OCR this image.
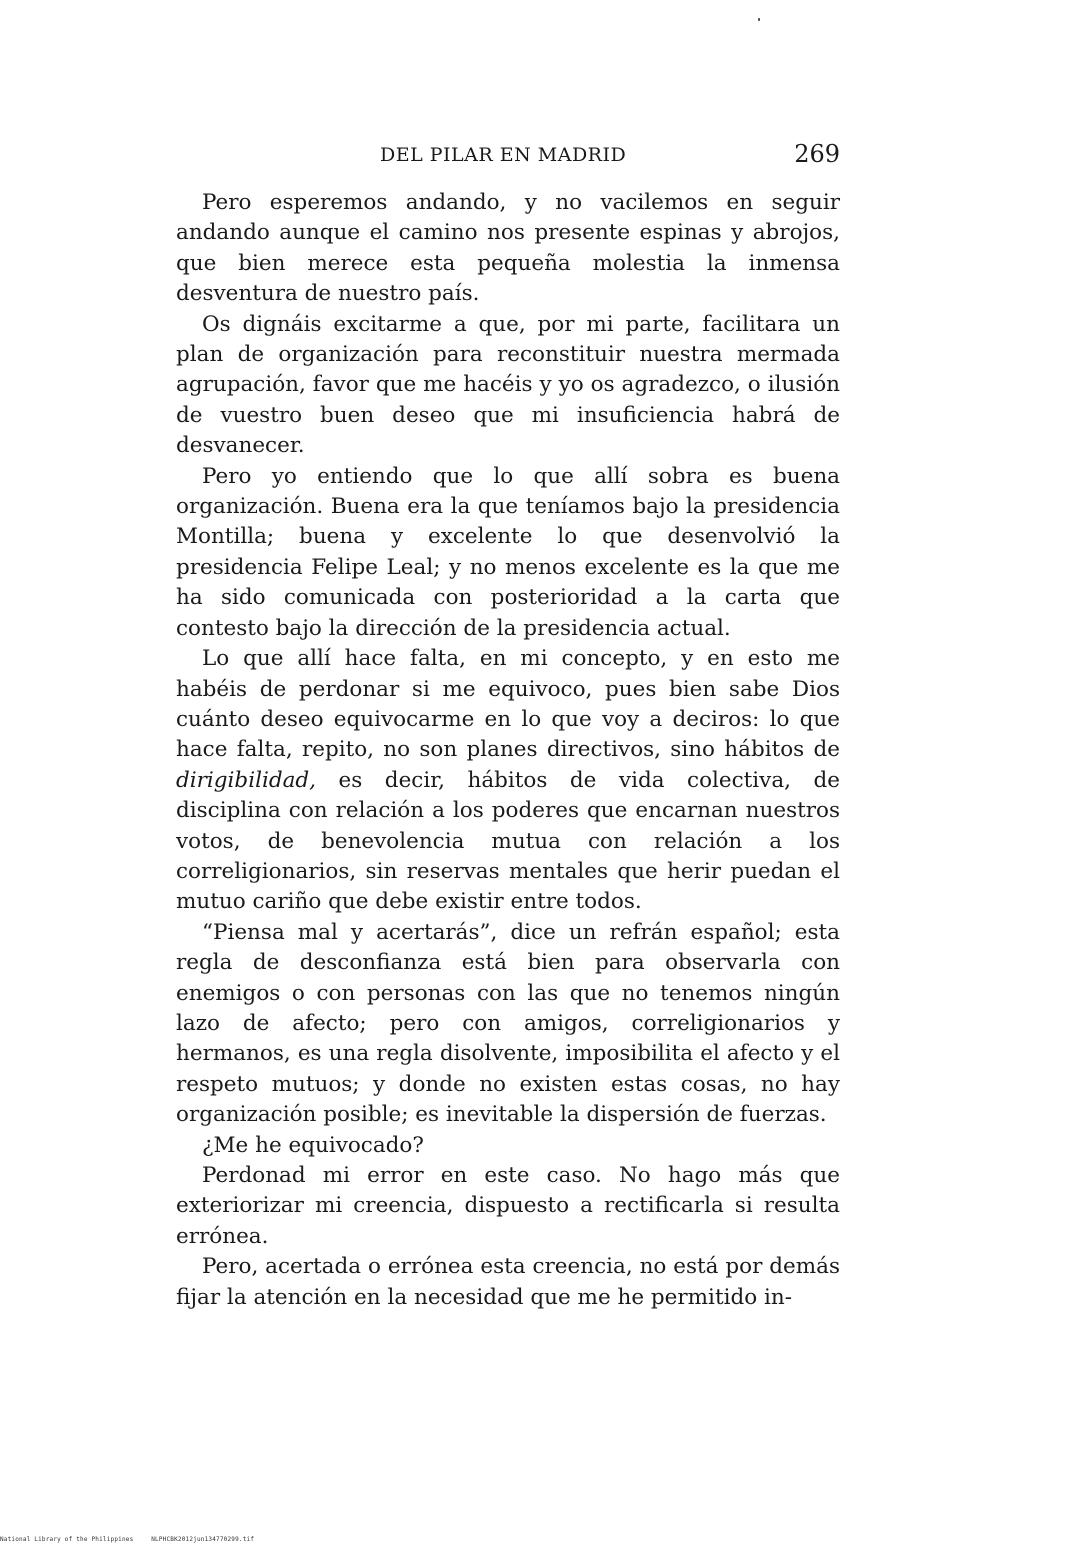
DEL PILAR EN MADRID	269

Pero esperemos andando, y no vacilemos en seguir andando aunque el camino nos presente espinas y abrojos, que bien merece esta pequeña molestia la inmensa desventura de nuestro país.

Os dignáis excitarme a que, por mi parte, facilitara un plan de organización para reconstituir nuestra mermada agrupación, favor que me hacéis y yo os agradezco, o ilusión de vuestro buen deseo que mi insuficiencia habrá de desvanecer.

Pero yo entiendo que lo que allí sobra es buena organización. Buena era la que teníamos bajo la presidencia Montilla; buena y excelente lo que desenvolvió la presidencia Felipe Leal; y no menos excelente es la que me ha sido comunicada con posterioridad a la carta que contesto bajo la dirección de la presidencia actual.

Lo que allí hace falta, en mi concepto, y en esto me habéis de perdonar si me equivoco, pues bien sabe Dios cuánto deseo equivocarme en lo que voy a deciros: lo que hace falta, repito, no son planes directivos, sino hábitos de dirigibilidad, es decir, hábitos de vida colectiva, de disciplina con relación a los poderes que encarnan nuestros votos, de benevolencia mutua con relación a los correligionarios, sin reservas mentales que herir puedan el mutuo cariño que debe existir entre todos.

“Piensa mal y acertarás”, dice un refrán español; esta regla de desconfianza está bien para observarla con enemigos o con personas con las que no tenemos ningún lazo de afecto; pero con amigos, correligionarios y hermanos, es una regla disolvente, imposibilita el afecto y el respeto mutuos; y donde no existen estas cosas, no hay organización posible; es inevitable la dispersión de fuerzas.

¿Me he equivocado?

Perdonad mi error en este caso. No hago más que exteriorizar mi creencia, dispuesto a rectificarla si resulta errónea.

Pero, acertada o errónea esta creencia, no está por demás fijar la atención en la necesidad que me he permitido in-

National Library of the Philippines	NLPHCBK2012jun134770299.tif
